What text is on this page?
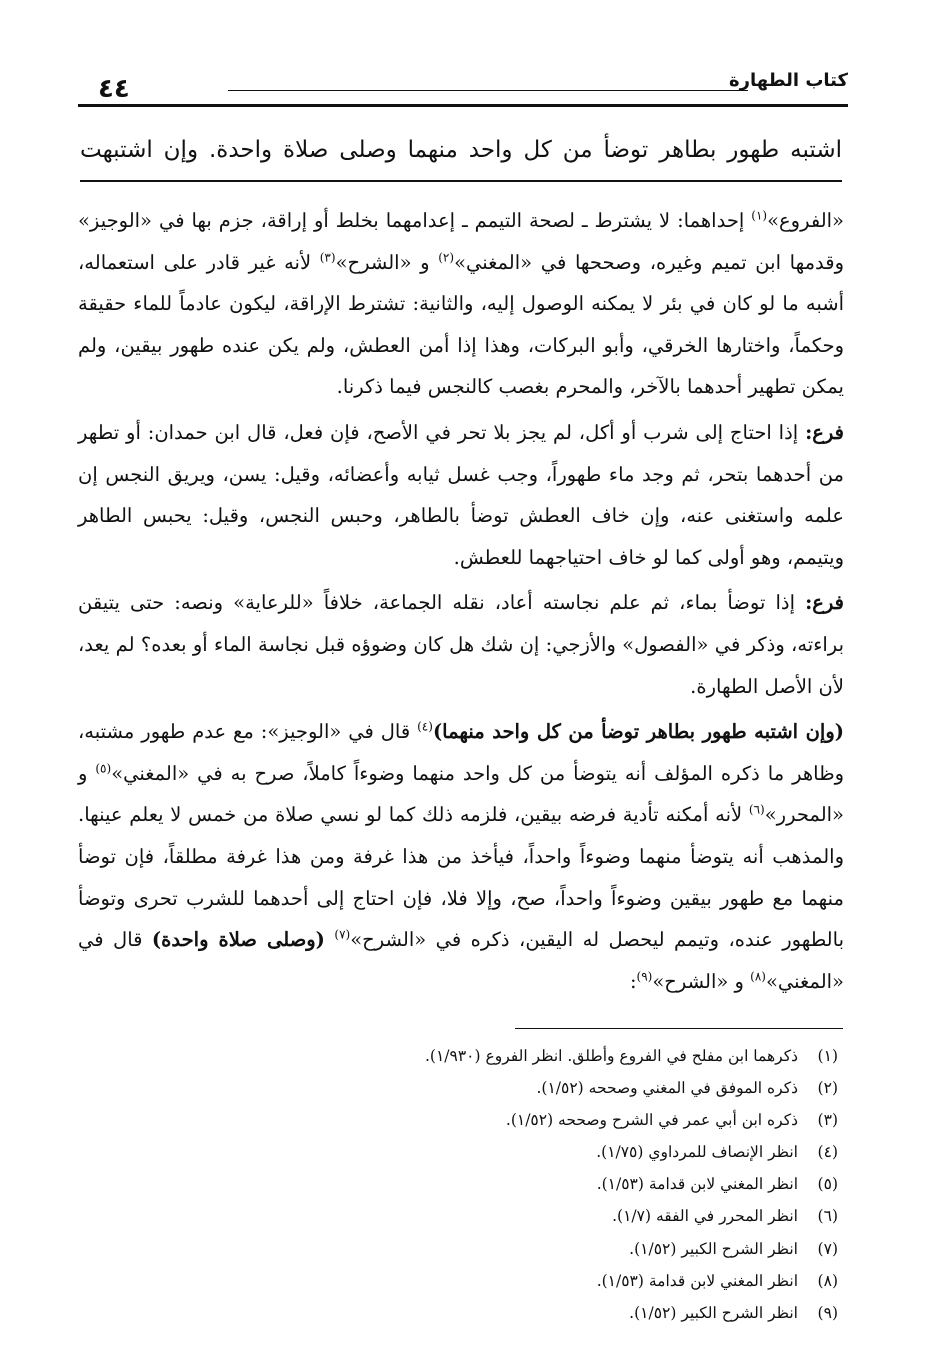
كتاب الطهارة
٤٤
اشتبه طهور بطاهر توضأ من كل واحد منهما وصلى صلاة واحدة. وإن اشتبهت

«الفروع»$^{(١)}$ إحداهما: لا يشترط ـ لصحة التيمم ـ إعدامهما بخلط أو إراقة، جزم بها في «الوجيز» وقدمها ابن تميم وغيره، وصححها في «المغني»$^{(٢)}$ و «الشرح»$^{(٣)}$ لأنه غير قادر على استعماله، أشبه ما لو كان في بئر لا يمكنه الوصول إليه، والثانية: تشترط الإراقة، ليكون عادماً للماء حقيقة وحكماً، واختارها الخرقي، وأبو البركات، وهذا إذا أمن العطش، ولم يكن عنده طهور بيقين، ولم يمكن تطهير أحدهما بالآخر، والمحرم بغصب كالنجس فيما ذكرنا.

فرع: إذا احتاج إلى شرب أو أكل، لم يجز بلا تحر في الأصح، فإن فعل، قال ابن حمدان: أو تطهر من أحدهما بتحر، ثم وجد ماء طهوراً، وجب غسل ثيابه وأعضائه، وقيل: يسن، ويريق النجس إن علمه واستغنى عنه، وإن خاف العطش توضأ بالطاهر، وحبس النجس، وقيل: يحبس الطاهر ويتيمم، وهو أولى كما لو خاف احتياجهما للعطش.

فرع: إذا توضأ بماء، ثم علم نجاسته أعاد، نقله الجماعة، خلافاً «للرعاية» ونصه: حتى يتيقن براءته، وذكر في «الفصول» والأزجي: إن شك هل كان وضوؤه قبل نجاسة الماء أو بعده؟ لم يعد، لأن الأصل الطهارة.

(وإن اشتبه طهور بطاهر توضأ من كل واحد منهما)$^{(٤)}$ قال في «الوجيز»: مع عدم طهور مشتبه، وظاهر ما ذكره المؤلف أنه يتوضأ من كل واحد منهما وضوءاً كاملاً، صرح به في «المغني»$^{(٥)}$ و «المحرر»$^{(٦)}$ لأنه أمكنه تأدية فرضه بيقين، فلزمه ذلك كما لو نسي صلاة من خمس لا يعلم عينها. والمذهب أنه يتوضأ منهما وضوءاً واحداً، فيأخذ من هذا غرفة ومن هذا غرفة مطلقاً، فإن توضأ منهما مع طهور بيقين وضوءاً واحداً، صح، وإلا فلا، فإن احتاج إلى أحدهما للشرب تحرى وتوضأ بالطهور عنده، وتيمم ليحصل له اليقين، ذكره في «الشرح»$^{(٧)}$ (وصلى صلاة واحدة) قال في «المغني»$^{(٨)}$ و «الشرح»$^{(٩)}$:

(١)ذكرهما ابن مفلح في الفروع وأطلق. انظر الفروع (١/٩٣٠).
(٢)ذكره الموفق في المغني وصححه (١/٥٢).
(٣)ذكره ابن أبي عمر في الشرح وصححه (١/٥٢).
(٤)انظر الإنصاف للمرداوي (١/٧٥).
(٥)انظر المغني لابن قدامة (١/٥٣).
(٦)انظر المحرر في الفقه (١/٧).
(٧)انظر الشرح الكبير (١/٥٢).
(٨)انظر المغني لابن قدامة (١/٥٣).
(٩)انظر الشرح الكبير (١/٥٢).
